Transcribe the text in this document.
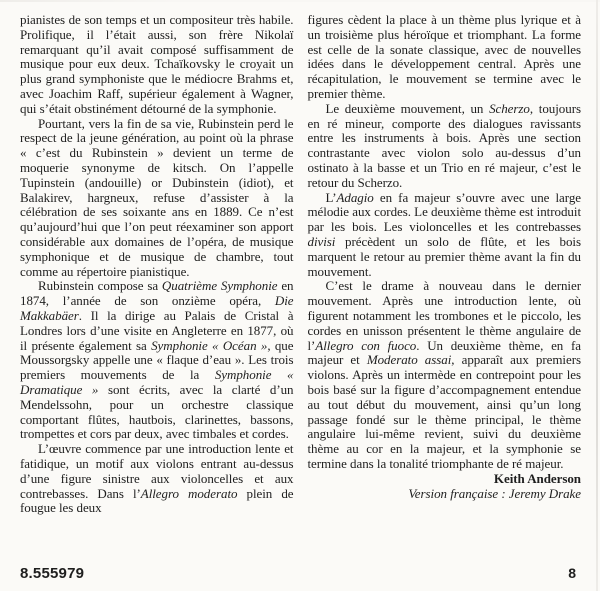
pianistes de son temps et un compositeur très habile. Prolifique, il l’était aussi, son frère Nikolaï remarquant qu’il avait composé suffisamment de musique pour eux deux. Tchaïkovsky le croyait un plus grand symphoniste que le médiocre Brahms et, avec Joachim Raff, supérieur également à Wagner, qui s’était obstinément détourné de la symphonie.

Pourtant, vers la fin de sa vie, Rubinstein perd le respect de la jeune génération, au point où la phrase « c’est du Rubinstein » devient un terme de moquerie synonyme de kitsch. On l’appelle Tupinstein (andouille) or Dubinstein (idiot), et Balakirev, hargneux, refuse d’assister à la célébration de ses soixante ans en 1889. Ce n’est qu’aujourd’hui que l’on peut réexaminer son apport considérable aux domaines de l’opéra, de musique symphonique et de musique de chambre, tout comme au répertoire pianistique.

Rubinstein compose sa Quatrième Symphonie en 1874, l’année de son onzième opéra, Die Makkabäer. Il la dirige au Palais de Cristal à Londres lors d’une visite en Angleterre en 1877, où il présente également sa Symphonie « Océan », que Moussorgsky appelle une « flaque d’eau ». Les trois premiers mouvements de la Symphonie « Dramatique » sont écrits, avec la clarté d’un Mendelssohn, pour un orchestre classique comportant flûtes, hautbois, clarinettes, bassons, trompettes et cors par deux, avec timbales et cordes.

L’œuvre commence par une introduction lente et fatidique, un motif aux violons entrant au-dessus d’une figure sinistre aux violoncelles et aux contrebasses. Dans l’Allegro moderato plein de fougue les deux

figures cèdent la place à un thème plus lyrique et à un troisième plus héroïque et triomphant. La forme est celle de la sonate classique, avec de nouvelles idées dans le développement central. Après une récapitulation, le mouvement se termine avec le premier thème.

Le deuxième mouvement, un Scherzo, toujours en ré mineur, comporte des dialogues ravissants entre les instruments à bois. Après une section contrastante avec violon solo au-dessus d’un ostinato à la basse et un Trio en ré majeur, c’est le retour du Scherzo.

L’Adagio en fa majeur s’ouvre avec une large mélodie aux cordes. Le deuxième thème est introduit par les bois. Les violoncelles et les contrebasses divisi précèdent un solo de flûte, et les bois marquent le retour au premier thème avant la fin du mouvement.

C’est le drame à nouveau dans le dernier mouvement. Après une introduction lente, où figurent notamment les trombones et le piccolo, les cordes en unisson présentent le thème angulaire de l’Allegro con fuoco. Un deuxième thème, en fa majeur et Moderato assai, apparaît aux premiers violons. Après un intermède en contrepoint pour les bois basé sur la figure d’accompagnement entendue au tout début du mouvement, ainsi qu’un long passage fondé sur le thème principal, le thème angulaire lui-même revient, suivi du deuxième thème au cor en la majeur, et la symphonie se termine dans la tonalité triomphante de ré majeur.

Keith Anderson

Version française : Jeremy Drake

8.555979	8
